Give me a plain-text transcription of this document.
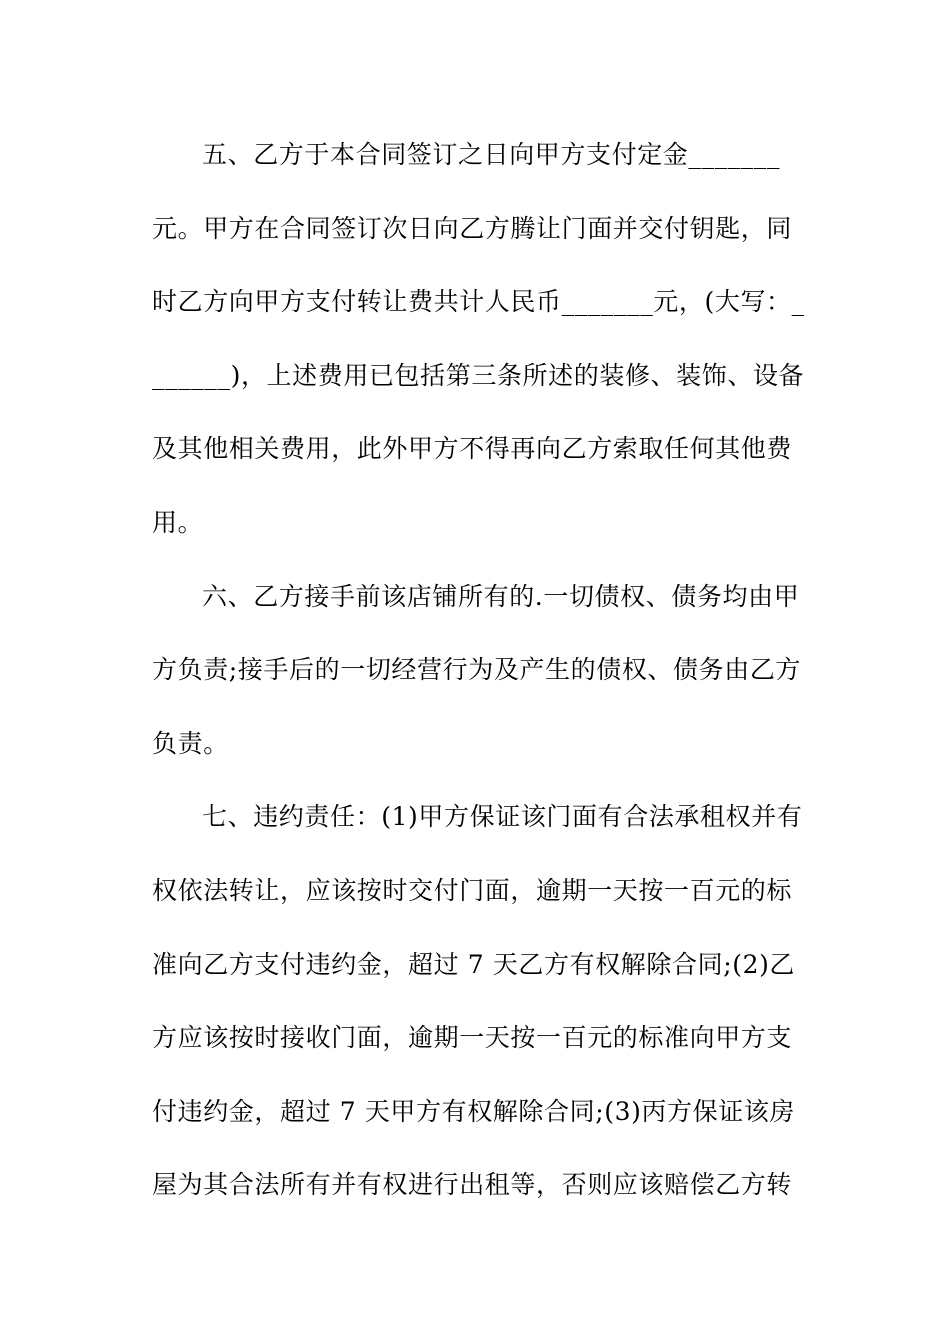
五、乙方于本合同签订之日向甲方支付定金_______
元。甲方在合同签订次日向乙方腾让门面并交付钥匙，同
时乙方向甲方支付转让费共计人民币_______元，(大写：_
______)，上述费用已包括第三条所述的装修、装饰、设备
及其他相关费用，此外甲方不得再向乙方索取任何其他费
用。
六、乙方接手前该店铺所有的.一切债权、债务均由甲
方负责;接手后的一切经营行为及产生的债权、债务由乙方
负责。
七、违约责任：(1)甲方保证该门面有合法承租权并有
权依法转让，应该按时交付门面，逾期一天按一百元的标
准向乙方支付违约金，超过 7 天乙方有权解除合同;(2)乙
方应该按时接收门面，逾期一天按一百元的标准向甲方支
付违约金，超过 7 天甲方有权解除合同;(3)丙方保证该房
屋为其合法所有并有权进行出租等，否则应该赔偿乙方转
